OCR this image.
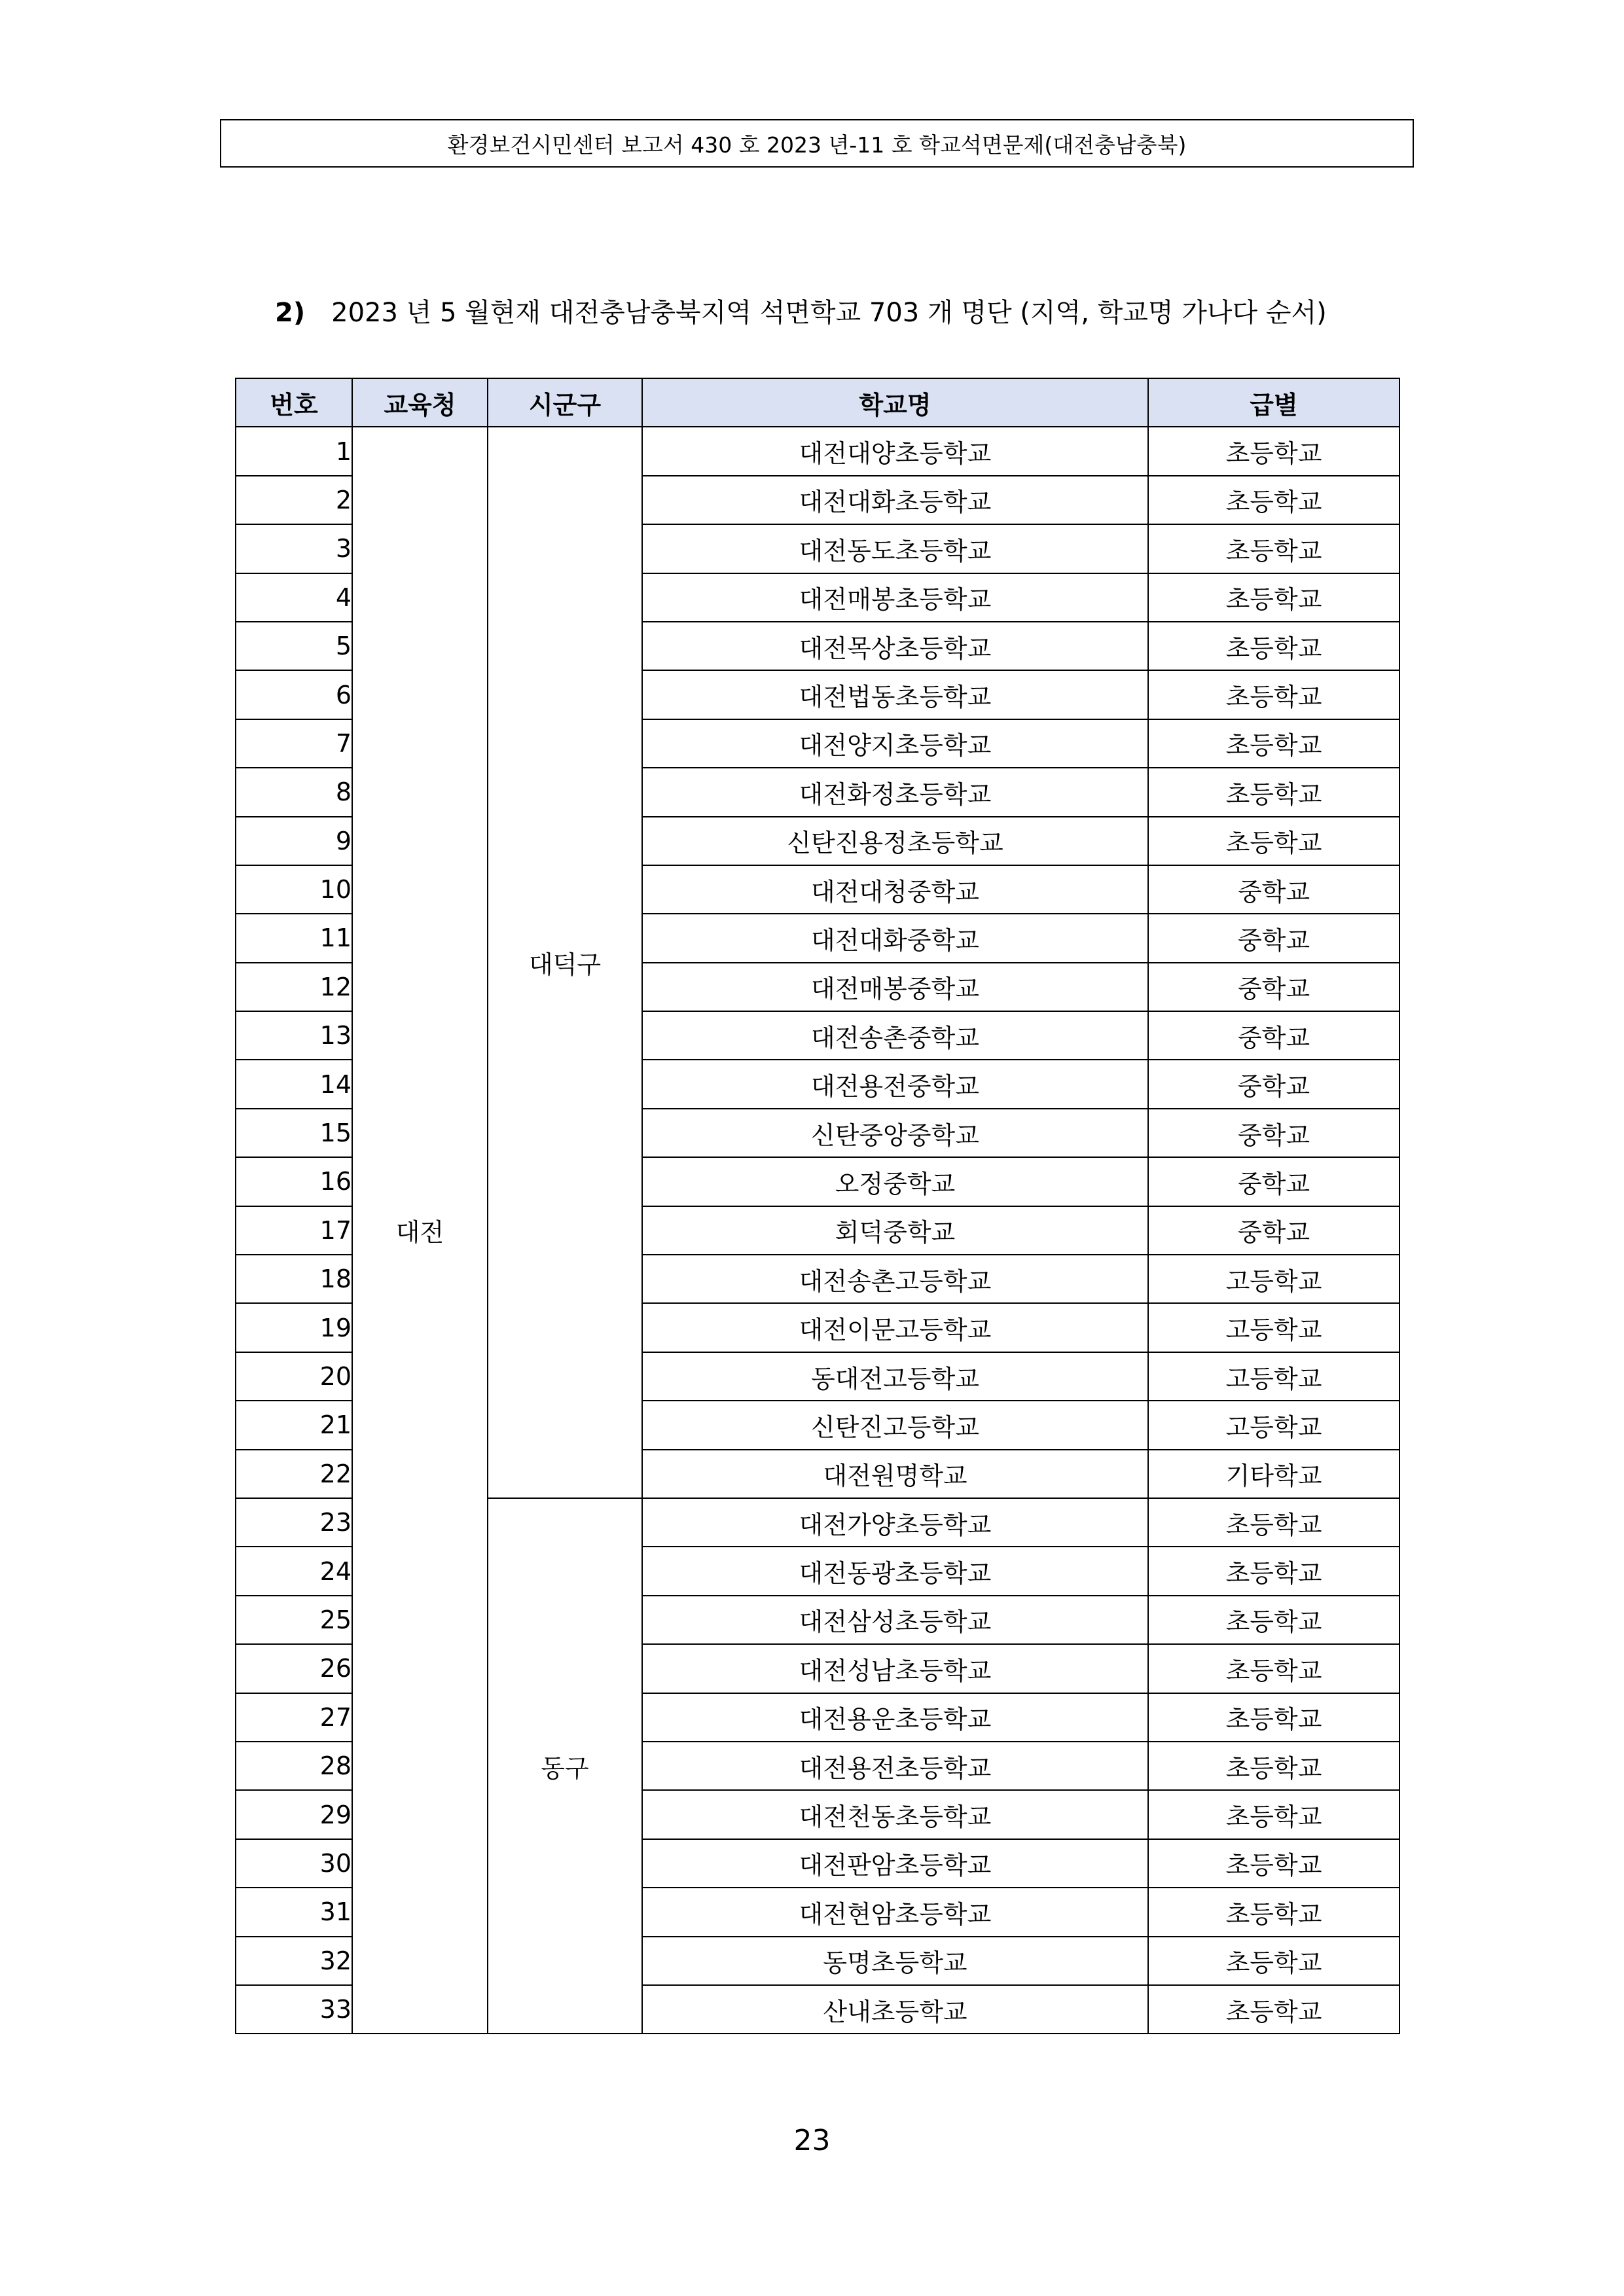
환경보건시민센터 보고서 430 호 2023 년-11 호 학교석면문제(대전충남충북)
2) 2023 년 5 월현재 대전충남충북지역 석면학교 703 개 명단 (지역, 학교명 가나다 순서)
번호	교육청	시군구	학교명	급별
1	대전	대덕구	대전대양초등학교	초등학교
2			대전대화초등학교	초등학교
3			대전동도초등학교	초등학교
4			대전매봉초등학교	초등학교
5			대전목상초등학교	초등학교
6			대전법동초등학교	초등학교
7			대전양지초등학교	초등학교
8			대전화정초등학교	초등학교
9			신탄진용정초등학교	초등학교
10			대전대청중학교	중학교
11			대전대화중학교	중학교
12			대전매봉중학교	중학교
13			대전송촌중학교	중학교
14			대전용전중학교	중학교
15			신탄중앙중학교	중학교
16			오정중학교	중학교
17			회덕중학교	중학교
18			대전송촌고등학교	고등학교
19			대전이문고등학교	고등학교
20			동대전고등학교	고등학교
21			신탄진고등학교	고등학교
22			대전원명학교	기타학교
23		동구	대전가양초등학교	초등학교
24			대전동광초등학교	초등학교
25			대전삼성초등학교	초등학교
26			대전성남초등학교	초등학교
27			대전용운초등학교	초등학교
28			대전용전초등학교	초등학교
29			대전천동초등학교	초등학교
30			대전판암초등학교	초등학교
31			대전현암초등학교	초등학교
32			동명초등학교	초등학교
33			산내초등학교	초등학교
23
